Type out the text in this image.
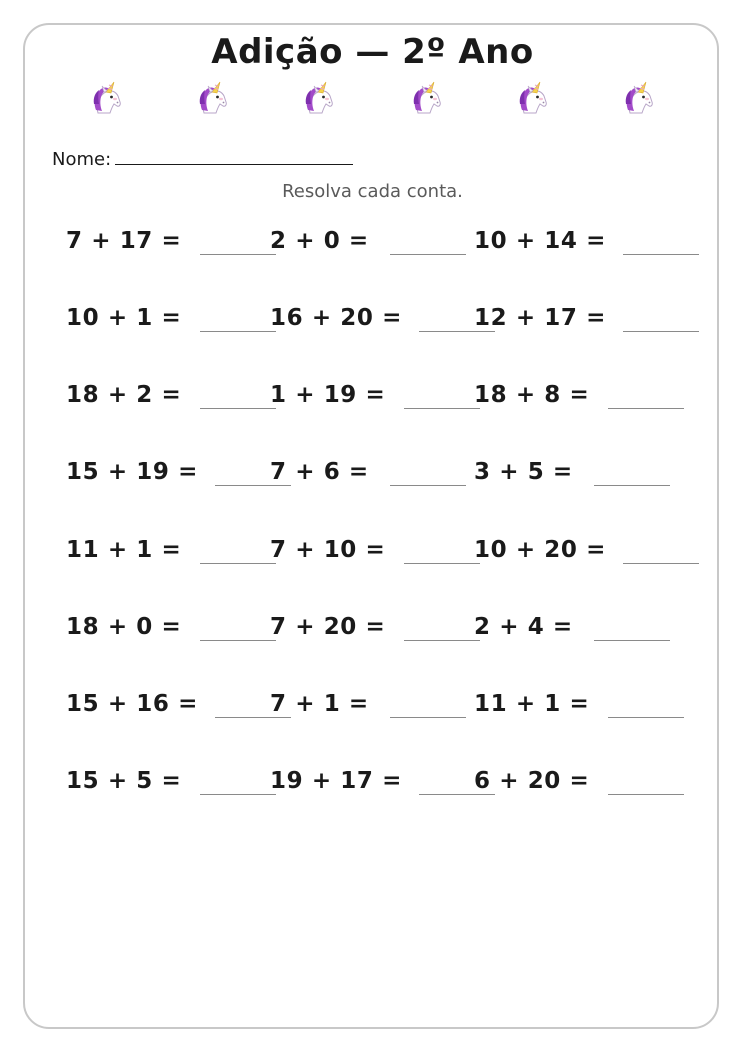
Adição — 2º Ano
Nome:
Resolva cada conta.
7 + 17 =	2 + 0 =	10 + 14 =
10 + 1 =	16 + 20 =	12 + 17 =
18 + 2 =	1 + 19 =	18 + 8 =
15 + 19 =	7 + 6 =	3 + 5 =
11 + 1 =	7 + 10 =	10 + 20 =
18 + 0 =	7 + 20 =	2 + 4 =
15 + 16 =	7 + 1 =	11 + 1 =
15 + 5 =	19 + 17 =	6 + 20 =
